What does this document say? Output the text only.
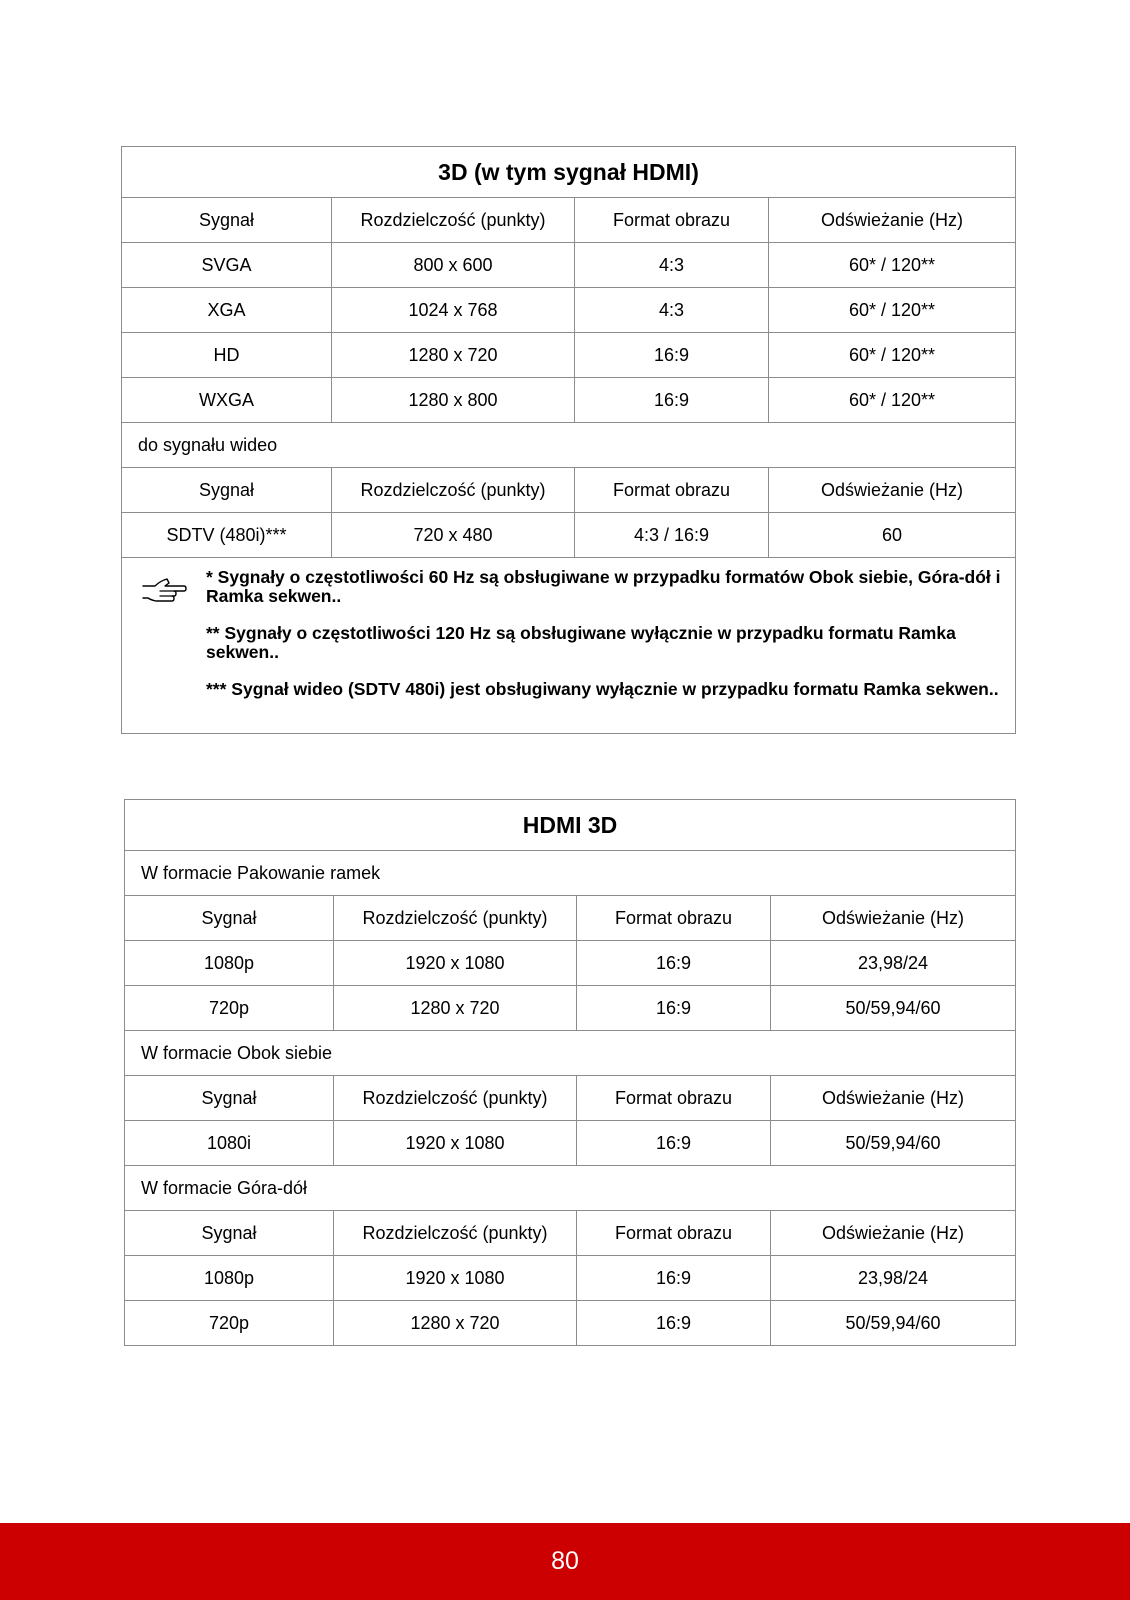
3D (w tym sygnał HDMI)			
Sygnał	Rozdzielczość (punkty)	Format obrazu	Odświeżanie (Hz)
SVGA	800 x 600	4:3	60* / 120**
XGA	1024 x 768	4:3	60* / 120**
HD	1280 x 720	16:9	60* / 120**
WXGA	1280 x 800	16:9	60* / 120**
do sygnału wideo			
Sygnał	Rozdzielczość (punkty)	Format obrazu	Odświeżanie (Hz)
SDTV (480i)***	720 x 480	4:3 / 16:9	60

* Sygnały o częstotliwości 60 Hz są obsługiwane w przypadku formatów Obok siebie, Góra-dół i Ramka sekwen..

** Sygnały o częstotliwości 120 Hz są obsługiwane wyłącznie w przypadku formatu Ramka sekwen..

*** Sygnał wideo (SDTV 480i) jest obsługiwany wyłącznie w przypadku formatu Ramka sekwen..			

HDMI 3D			
W formacie Pakowanie ramek			
Sygnał	Rozdzielczość (punkty)	Format obrazu	Odświeżanie (Hz)
1080p	1920 x 1080	16:9	23,98/24
720p	1280 x 720	16:9	50/59,94/60
W formacie Obok siebie			
Sygnał	Rozdzielczość (punkty)	Format obrazu	Odświeżanie (Hz)
1080i	1920 x 1080	16:9	50/59,94/60
W formacie Góra-dół			
Sygnał	Rozdzielczość (punkty)	Format obrazu	Odświeżanie (Hz)
1080p	1920 x 1080	16:9	23,98/24
720p	1280 x 720	16:9	50/59,94/60
80
